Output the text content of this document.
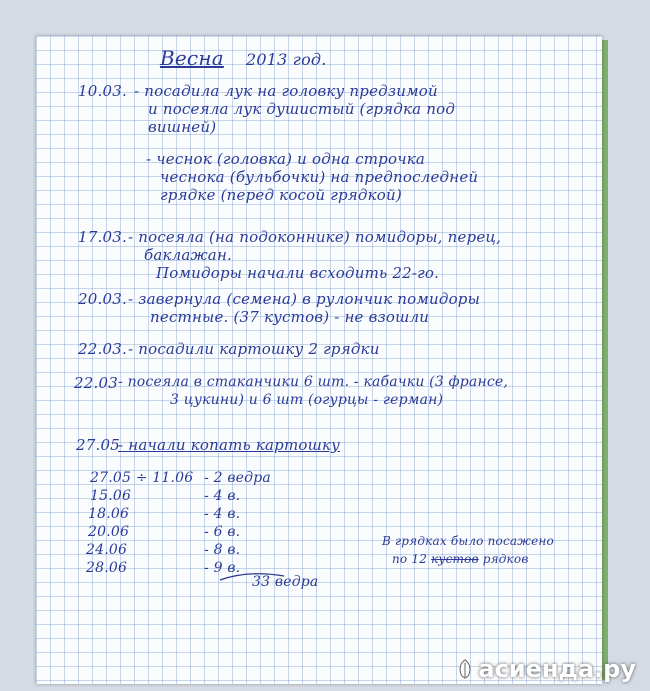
Весна 2013 год.
10.03. - посадила лук на головку предзимой
и посеяла лук душистый (грядка под
вишней)
- чеснок (головка) и одна строчка
чеснока (бульбочки) на предпоследней
грядке (перед косой грядкой)
17.03. - посеяла (на подоконнике) помидоры, перец,
баклажан.
Помидоры начали всходить 22-го.
20.03. - завернула (семена) в рулончик помидоры
пестные. (37 кустов) - не взошли
22.03. - посадили картошку 2 грядки
22.03 - посеяла в стаканчики 6 шт. - кабачки (3 франсе,
3 цукини) и 6 шт (огурцы - герман)
27.05
- начали копать картошку
27.05 ÷ 11.06 - 2 ведра
15.06	- 4 в.
18.06	- 4 в.
20.06	- 6 в.
24.06	- 8 в.
28.06	- 9 в.
33 ведра
В грядках было посажено
по 12 кустов рядков
асиенда.ру
